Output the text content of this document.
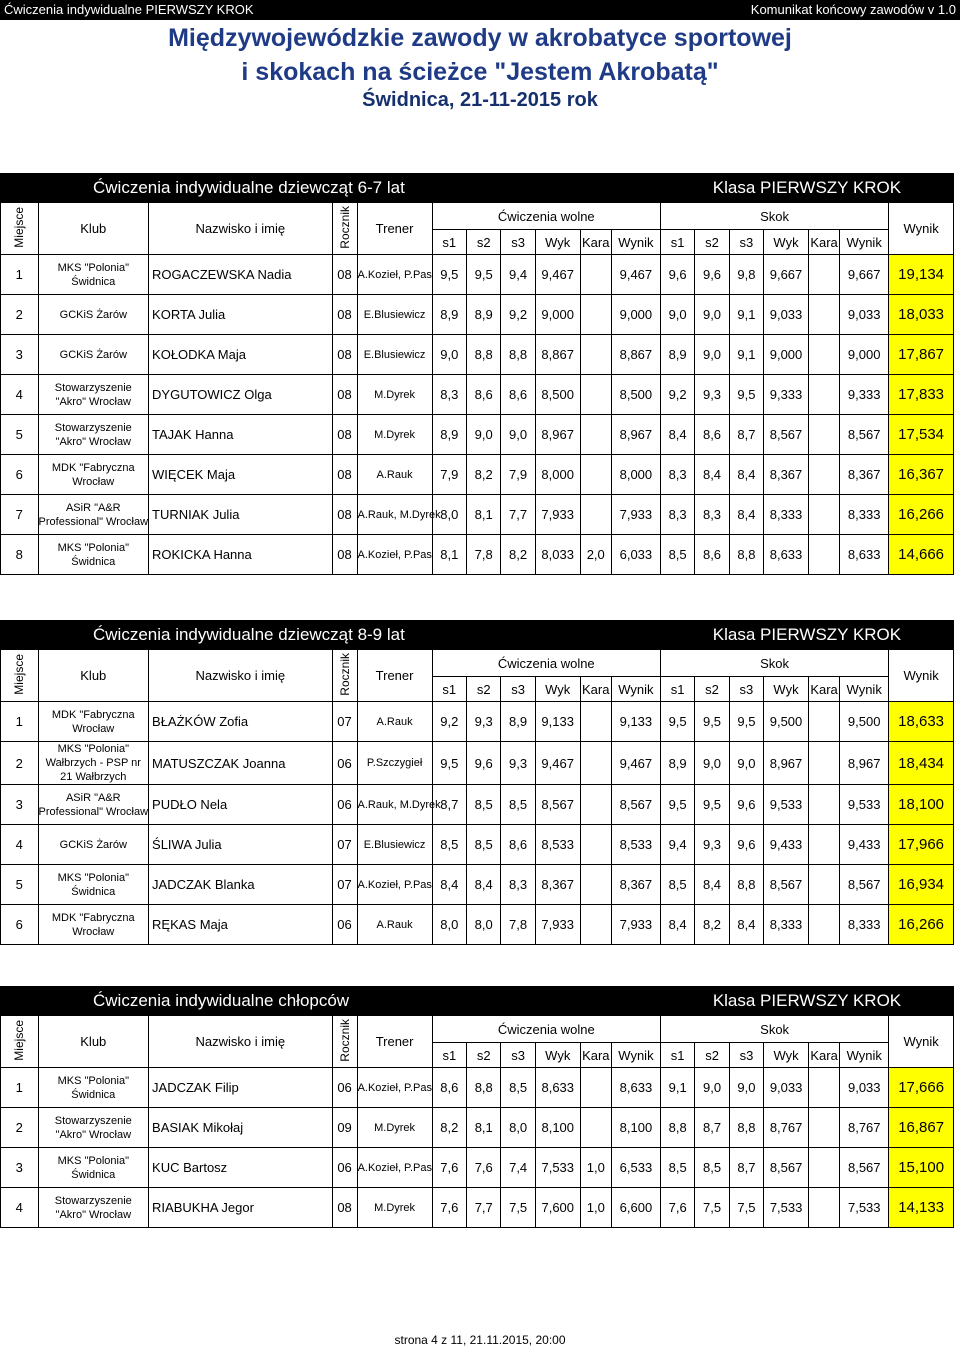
Ćwiczenia indywidualne PIERWSZY KROK	Komunikat końcowy zawodów v 1.0
Międzywojewódzkie zawody w akrobatyce sportowej
i skokach na ścieżce "Jestem Akrobatą"
Świdnica, 21-11-2015 rok
Ćwiczenia indywidualne dziewcząt 6-7 lat											Klasa PIERWSZY KROK						
Miejsce	Klub	Nazwisko i imię	Rocznik	Trener	Ćwiczenia wolne						Skok						Wynik
					s1	s2	s3	Wyk	Kara	Wynik	s1	s2	s3	Wyk	Kara	Wynik	
1	MKS "Polonia" Świdnica	ROGACZEWSKA Nadia	08	A.Kozieł, P.Pas	9,5	9,5	9,4	9,467		9,467	9,6	9,6	9,8	9,667		9,667	19,134
2	GCKiS Żarów	KORTA Julia	08	E.Blusiewicz	8,9	8,9	9,2	9,000		9,000	9,0	9,0	9,1	9,033		9,033	18,033
3	GCKiS Żarów	KOŁODKA Maja	08	E.Blusiewicz	9,0	8,8	8,8	8,867		8,867	8,9	9,0	9,1	9,000		9,000	17,867
4	Stowarzyszenie "Akro" Wrocław	DYGUTOWICZ Olga	08	M.Dyrek	8,3	8,6	8,6	8,500		8,500	9,2	9,3	9,5	9,333		9,333	17,833
5	Stowarzyszenie "Akro" Wrocław	TAJAK Hanna	08	M.Dyrek	8,9	9,0	9,0	8,967		8,967	8,4	8,6	8,7	8,567		8,567	17,534
6	MDK "Fabryczna Wrocław	WIĘCEK Maja	08	A.Rauk	7,9	8,2	7,9	8,000		8,000	8,3	8,4	8,4	8,367		8,367	16,367
7	ASiR "A&R Professional" Wrocław	TURNIAK Julia	08	A.Rauk, M.Dyrek	8,0	8,1	7,7	7,933		7,933	8,3	8,3	8,4	8,333		8,333	16,266
8	MKS "Polonia" Świdnica	ROKICKA Hanna	08	A.Kozieł, P.Pas	8,1	7,8	8,2	8,033	2,0	6,033	8,5	8,6	8,8	8,633		8,633	14,666
Ćwiczenia indywidualne dziewcząt 8-9 lat											Klasa PIERWSZY KROK						
Miejsce	Klub	Nazwisko i imię	Rocznik	Trener	Ćwiczenia wolne						Skok						Wynik
					s1	s2	s3	Wyk	Kara	Wynik	s1	s2	s3	Wyk	Kara	Wynik	
1	MDK "Fabryczna Wrocław	BŁAŻKÓW Zofia	07	A.Rauk	9,2	9,3	8,9	9,133		9,133	9,5	9,5	9,5	9,500		9,500	18,633
2	MKS "Polonia" Wałbrzych - PSP nr 21 Wałbrzych	MATUSZCZAK Joanna	06	P.Szczygieł	9,5	9,6	9,3	9,467		9,467	8,9	9,0	9,0	8,967		8,967	18,434
3	ASiR "A&R Professional" Wrocław	PUDŁO Nela	06	A.Rauk, M.Dyrek	8,7	8,5	8,5	8,567		8,567	9,5	9,5	9,6	9,533		9,533	18,100
4	GCKiS Żarów	ŚLIWA Julia	07	E.Blusiewicz	8,5	8,5	8,6	8,533		8,533	9,4	9,3	9,6	9,433		9,433	17,966
5	MKS "Polonia" Świdnica	JADCZAK Blanka	07	A.Kozieł, P.Pas	8,4	8,4	8,3	8,367		8,367	8,5	8,4	8,8	8,567		8,567	16,934
6	MDK "Fabryczna Wrocław	RĘKAS Maja	06	A.Rauk	8,0	8,0	7,8	7,933		7,933	8,4	8,2	8,4	8,333		8,333	16,266
Ćwiczenia indywidualne chłopców											Klasa PIERWSZY KROK						
Miejsce	Klub	Nazwisko i imię	Rocznik	Trener	Ćwiczenia wolne						Skok						Wynik
					s1	s2	s3	Wyk	Kara	Wynik	s1	s2	s3	Wyk	Kara	Wynik	
1	MKS "Polonia" Świdnica	JADCZAK Filip	06	A.Kozieł, P.Pas	8,6	8,8	8,5	8,633		8,633	9,1	9,0	9,0	9,033		9,033	17,666
2	Stowarzyszenie "Akro" Wrocław	BASIAK Mikołaj	09	M.Dyrek	8,2	8,1	8,0	8,100		8,100	8,8	8,7	8,8	8,767		8,767	16,867
3	MKS "Polonia" Świdnica	KUC Bartosz	06	A.Kozieł, P.Pas	7,6	7,6	7,4	7,533	1,0	6,533	8,5	8,5	8,7	8,567		8,567	15,100
4	Stowarzyszenie "Akro" Wrocław	RIABUKHA Jegor	08	M.Dyrek	7,6	7,7	7,5	7,600	1,0	6,600	7,6	7,5	7,5	7,533		7,533	14,133
strona 4 z 11, 21.11.2015, 20:00
